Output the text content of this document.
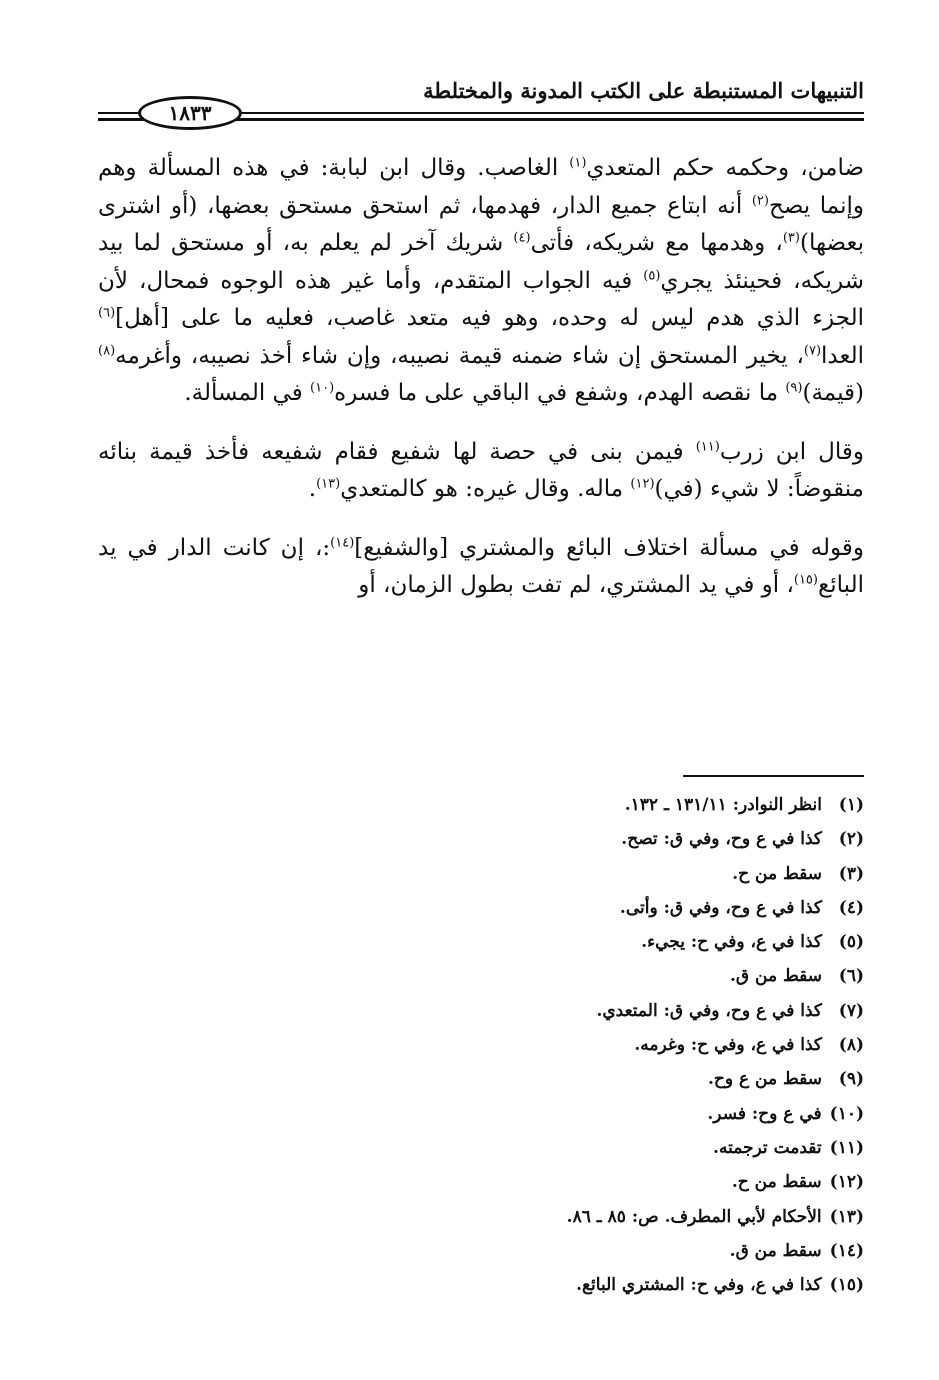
التنبيهات المستنبطة على الكتب المدونة والمختلطة
١٨٣٣

ضامن، وحكمه حكم المتعدي$^{(١)}$ الغاصب. وقال ابن لبابة: في هذه المسألة وهم وإنما يصح$^{(٢)}$ أنه ابتاع جميع الدار، فهدمها، ثم استحق مستحق بعضها، (أو اشترى بعضها)$^{(٣)}$، وهدمها مع شريكه، فأتى$^{(٤)}$ شريك آخر لم يعلم به، أو مستحق لما بيد شريكه، فحينئذ يجري$^{(٥)}$ فيه الجواب المتقدم، وأما غير هذه الوجوه فمحال، لأن الجزء الذي هدم ليس له وحده، وهو فيه متعد غاصب، فعليه ما على [أهل]$^{(٦)}$ العدا$^{(٧)}$، يخير المستحق إن شاء ضمنه قيمة نصيبه، وإن شاء أخذ نصيبه، وأغرمه$^{(٨)}$ (قيمة)$^{(٩)}$ ما نقصه الهدم، وشفع في الباقي على ما فسره$^{(١٠)}$ في المسألة.

وقال ابن زرب$^{(١١)}$ فيمن بنى في حصة لها شفيع فقام شفيعه فأخذ قيمة بنائه منقوضاً: لا شيء (في)$^{(١٢)}$ ماله. وقال غيره: هو كالمتعدي$^{(١٣)}$.

وقوله في مسألة اختلاف البائع والمشتري [والشفيع]$^{(١٤)}$:، إن كانت الدار في يد البائع$^{(١٥)}$، أو في يد المشتري، لم تفت بطول الزمان، أو

(١)انظر النوادر: ١٣١/١١ ـ ١٣٢.
(٢)كذا في ع وح، وفي ق: تصح.
(٣)سقط من ح.
(٤)كذا في ع وح، وفي ق: وأتى.
(٥)كذا في ع، وفي ح: يجيء.
(٦)سقط من ق.
(٧)كذا في ع وح، وفي ق: المتعدي.
(٨)كذا في ع، وفي ح: وغرمه.
(٩)سقط من ع وح.
(١٠)في ع وح: فسر.
(١١)تقدمت ترجمته.
(١٢)سقط من ح.
(١٣)الأحكام لأبي المطرف. ص: ٨٥ ـ ٨٦.
(١٤)سقط من ق.
(١٥)كذا في ع، وفي ح: المشتري البائع.
